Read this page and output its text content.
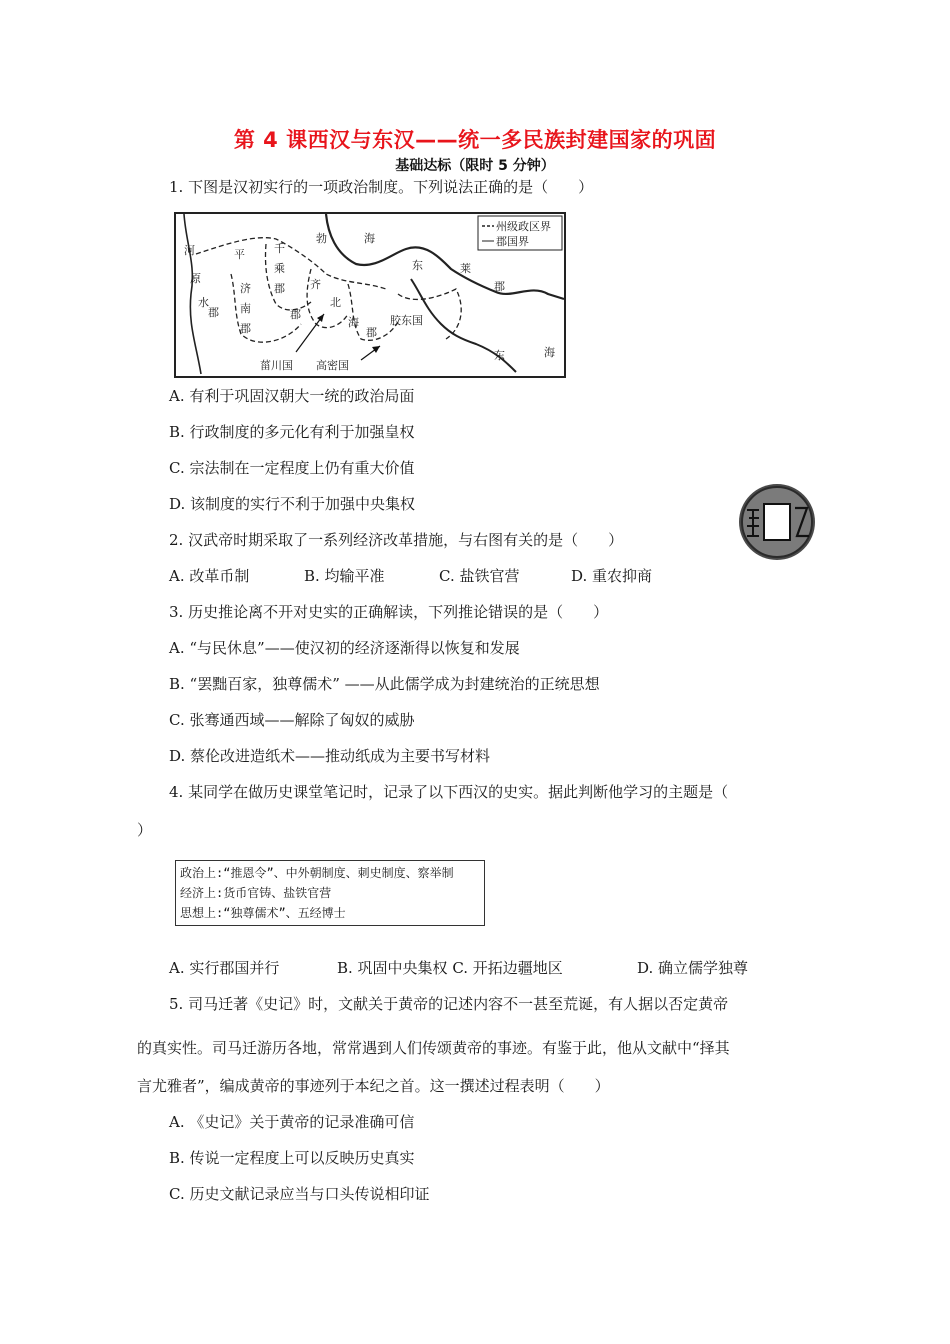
第 4 课西汉与东汉——统一多民族封建国家的巩固
基础达标（限时 5 分钟）
1. 下图是汉初实行的一项政治制度。下列说法正确的是（　　）
州级政区界
郡国界
勃	海
河	平	千
乘
郡
原
济
南
郡
水
郡
齐
郡
北
海
郡
胶东国
东	莱
郡
菑川国 高密国
东	海
A. 有利于巩固汉朝大一统的政治局面
B. 行政制度的多元化有利于加强皇权
C. 宗法制在一定程度上仍有重大价值
D. 该制度的实行不利于加强中央集权
2. 汉武帝时期采取了一系列经济改革措施，与右图有关的是（　　）
A. 改革币制	B. 均输平准	C. 盐铁官营	D. 重农抑商
3. 历史推论离不开对史实的正确解读，下列推论错误的是（　　）
A. “与民休息”——使汉初的经济逐渐得以恢复和发展
B. “罢黜百家，独尊儒术” ——从此儒学成为封建统治的正统思想
C. 张骞通西域——解除了匈奴的威胁
D. 蔡伦改进造纸术——推动纸成为主要书写材料
4. 某同学在做历史课堂笔记时，记录了以下西汉的史实。据此判断他学习的主题是（
）
政治上:“推恩令”、中外朝制度、刺史制度、察举制
经济上:货币官铸、盐铁官营
思想上:“独尊儒术”、五经博士
A. 实行郡国并行	B. 巩固中央集权 C. 开拓边疆地区	D. 确立儒学独尊
5. 司马迁著《史记》时，文献关于黄帝的记述内容不一甚至荒诞，有人据以否定黄帝
的真实性。司马迁游历各地，常常遇到人们传颂黄帝的事迹。有鉴于此，他从文献中“择其
言尤雅者”，编成黄帝的事迹列于本纪之首。这一撰述过程表明（　　）
A. 《史记》关于黄帝的记录准确可信
B. 传说一定程度上可以反映历史真实
C. 历史文献记录应当与口头传说相印证
